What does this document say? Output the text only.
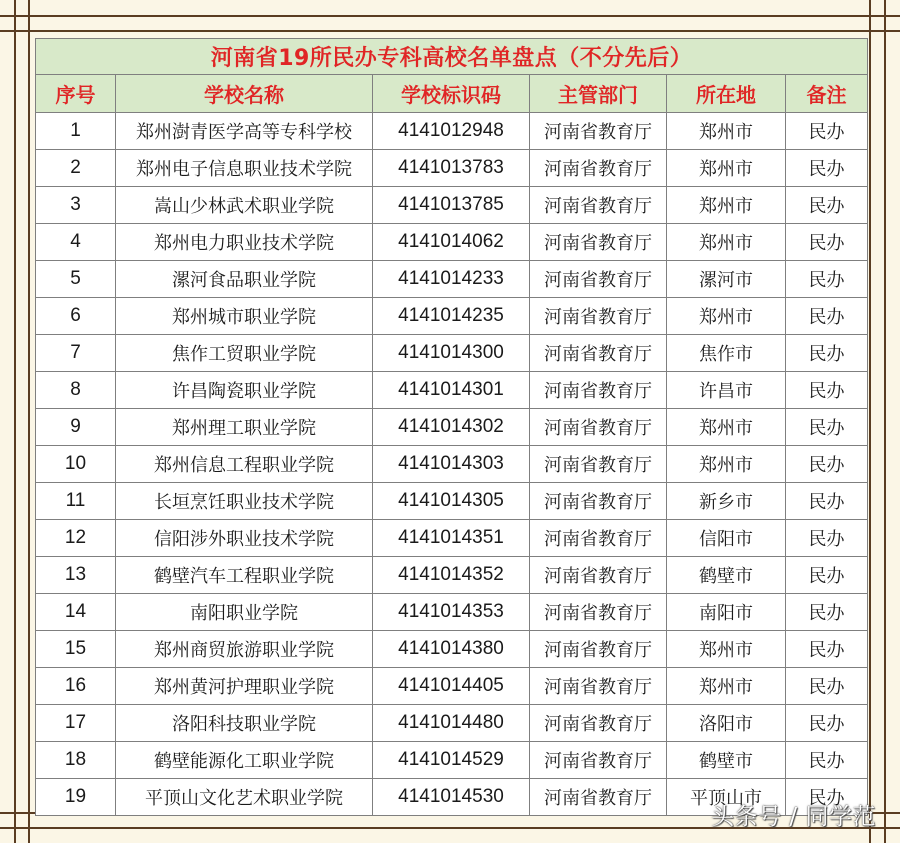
河南省19所民办专科高校名单盘点（不分先后）					
序号	学校名称	学校标识码	主管部门	所在地	备注
1	郑州澍青医学高等专科学校	4141012948	河南省教育厅	郑州市	民办
2	郑州电子信息职业技术学院	4141013783	河南省教育厅	郑州市	民办
3	嵩山少林武术职业学院	4141013785	河南省教育厅	郑州市	民办
4	郑州电力职业技术学院	4141014062	河南省教育厅	郑州市	民办
5	漯河食品职业学院	4141014233	河南省教育厅	漯河市	民办
6	郑州城市职业学院	4141014235	河南省教育厅	郑州市	民办
7	焦作工贸职业学院	4141014300	河南省教育厅	焦作市	民办
8	许昌陶瓷职业学院	4141014301	河南省教育厅	许昌市	民办
9	郑州理工职业学院	4141014302	河南省教育厅	郑州市	民办
10	郑州信息工程职业学院	4141014303	河南省教育厅	郑州市	民办
11	长垣烹饪职业技术学院	4141014305	河南省教育厅	新乡市	民办
12	信阳涉外职业技术学院	4141014351	河南省教育厅	信阳市	民办
13	鹤壁汽车工程职业学院	4141014352	河南省教育厅	鹤壁市	民办
14	南阳职业学院	4141014353	河南省教育厅	南阳市	民办
15	郑州商贸旅游职业学院	4141014380	河南省教育厅	郑州市	民办
16	郑州黄河护理职业学院	4141014405	河南省教育厅	郑州市	民办
17	洛阳科技职业学院	4141014480	河南省教育厅	洛阳市	民办
18	鹤壁能源化工职业学院	4141014529	河南省教育厅	鹤壁市	民办
19	平顶山文化艺术职业学院	4141014530	河南省教育厅	平顶山市	民办
头条号 / 同学范
